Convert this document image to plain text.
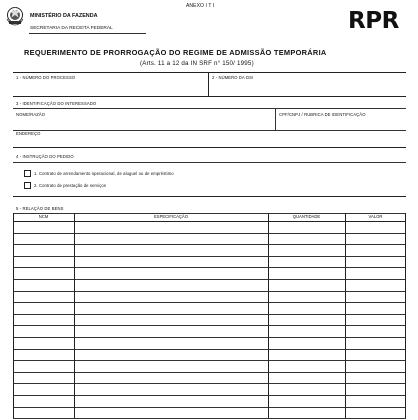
ANEXO I T I
MINISTÉRIO DA FAZENDA
SECRETARIA DA RECEITA FEDERAL	RPR
REQUERIMENTO DE PRORROGAÇÃO DO REGIME DE ADMISSÃO TEMPORÁRIA
(Arts. 11 a 12 da IN SRF n° 150/ 1995)
1 - NÚMERO DO PROCESSO	2 - NÚMERO DA DSI
3 - IDENTIFICAÇÃO DO INTERESSADO
NOME/RAZÃO	CPF/CNPJ / RUBRICA DE IDENTIFICAÇÃO
ENDEREÇO
4 - INSTRUÇÃO DO PEDIDO
1. Contrato de arrendamento operacional, de aluguel ou de empréstimo
2. Contrato de prestação de serviços
5 - RELAÇÃO DE BENS
NCM	ESPECIFICAÇÃO	QUANTIDADE	VALOR
